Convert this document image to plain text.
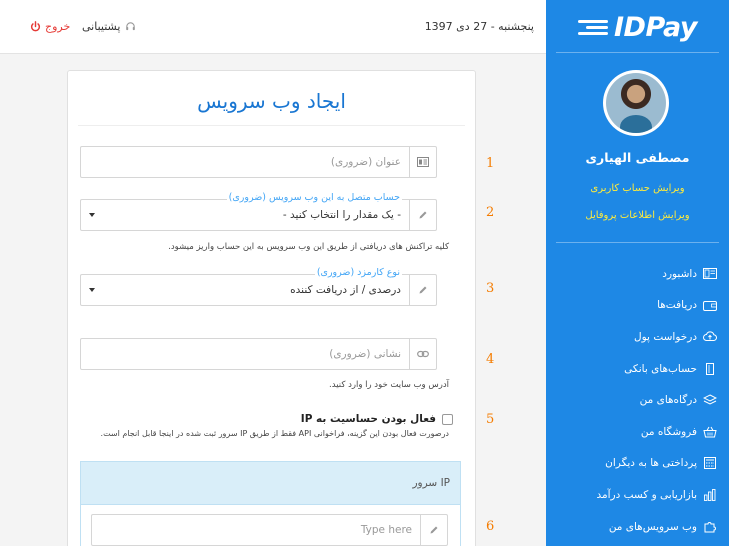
خروج پشتیبانی	پنجشنبه - 27 دی 1397
ایجاد وب سرویس
عنوان (ضروری)
حساب متصل به این وب سرویس (ضروری)
- یک مقدار را انتخاب کنید -
کلیه تراکنش های دریافتی از طریق این وب سرویس به این حساب واریز میشود.
نوع کارمزد (ضروری)
درصدی / از دریافت کننده
نشانی (ضروری)
آدرس وب سایت خود را وارد کنید.
فعال بودن حساسیت به IP
درصورت فعال بودن این گزینه، فراخوانی API فقط از طریق IP سرور ثبت شده در اینجا قابل انجام است.
IP سرور
Type here
1
2
3
4
5
6
IDPay
مصطفی الهیاری
ویرایش حساب کاربری
ویرایش اطلاعات پروفایل
داشبورد
دریافت‌ها
درخواست پول
حساب‌های بانکی
درگاه‌های من
فروشگاه من
پرداختی ها به دیگران
بازاریابی و کسب درآمد
وب سرویس‌های من
